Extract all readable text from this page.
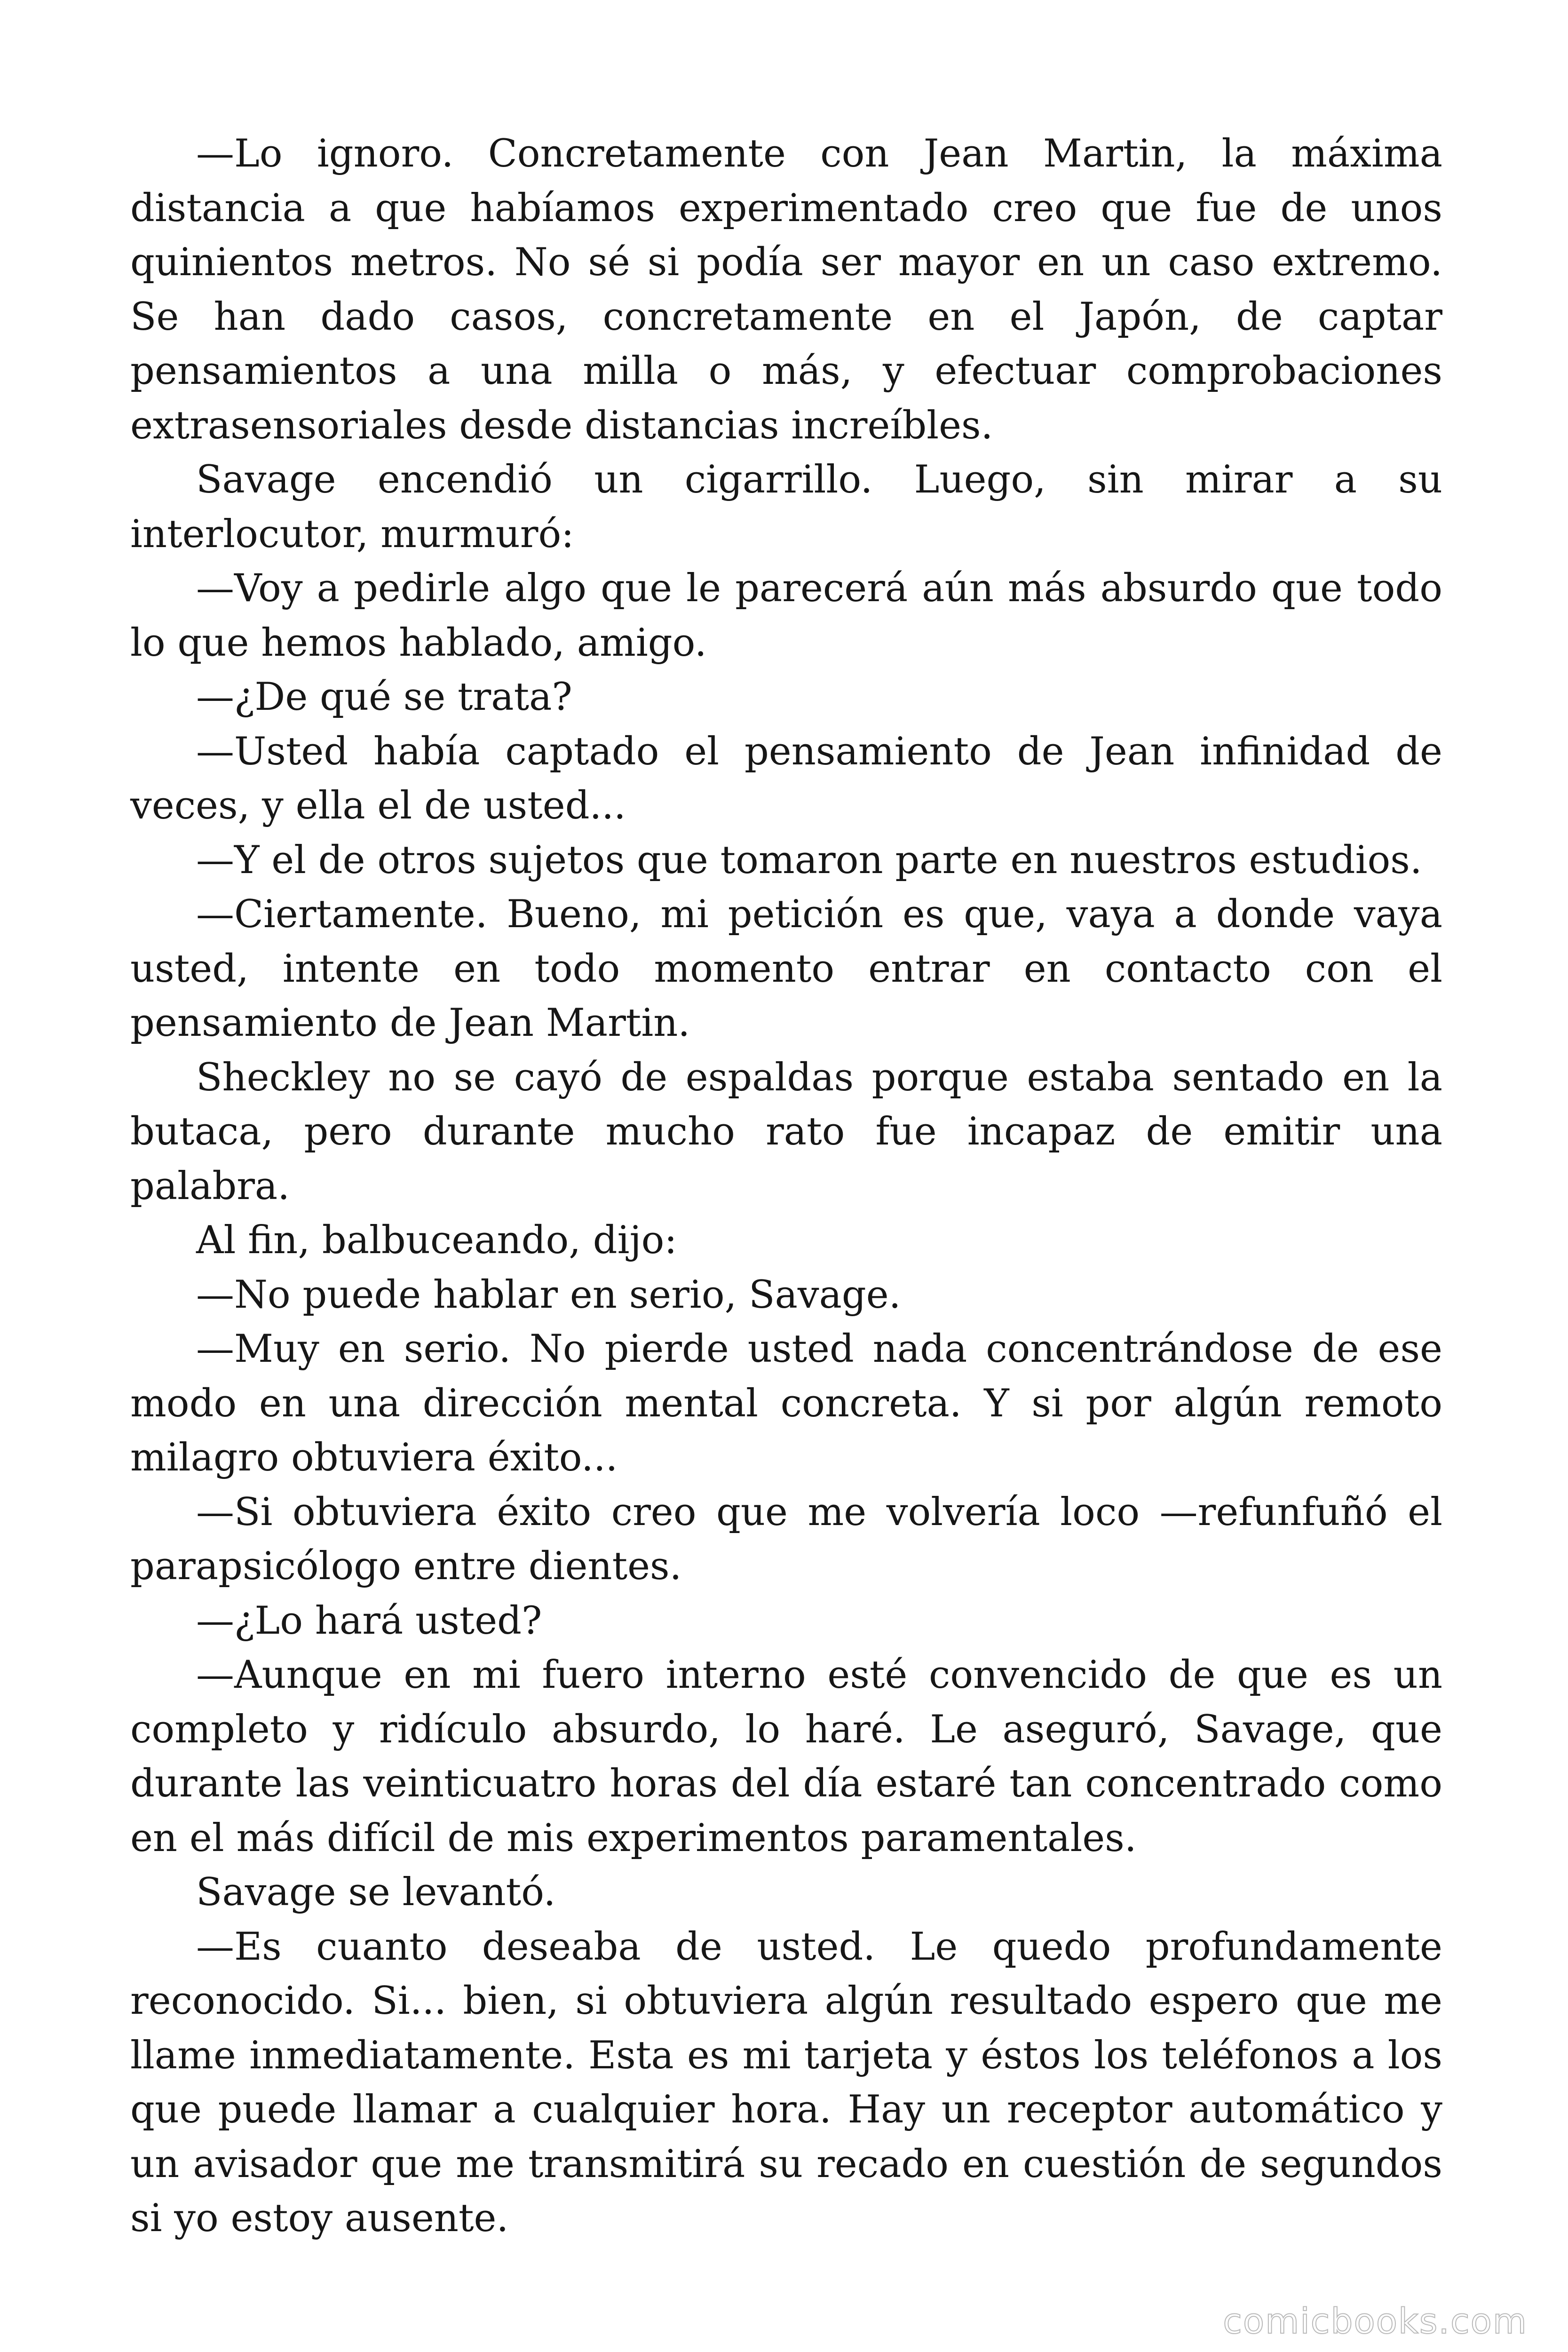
—Lo ignoro. Concretamente con Jean Martin, la máxima distancia a que habíamos experimentado creo que fue de unos quinientos metros. No sé si podía ser mayor en un caso extremo. Se han dado casos, concretamente en el Japón, de captar pensamientos a una milla o más, y efectuar comprobaciones extrasensoriales desde distancias increíbles.

Savage encendió un cigarrillo. Luego, sin mirar a su interlocutor, murmuró:

—Voy a pedirle algo que le parecerá aún más absurdo que todo lo que hemos hablado, amigo.

—¿De qué se trata?

—Usted había captado el pensamiento de Jean infinidad de veces, y ella el de usted...

—Y el de otros sujetos que tomaron parte en nuestros estudios.

—Ciertamente. Bueno, mi petición es que, vaya a donde vaya usted, intente en todo momento entrar en contacto con el pensamiento de Jean Martin.

Sheckley no se cayó de espaldas porque estaba sentado en la butaca, pero durante mucho rato fue incapaz de emitir una palabra.

Al fin, balbuceando, dijo:

—No puede hablar en serio, Savage.

—Muy en serio. No pierde usted nada concentrándose de ese modo en una dirección mental concreta. Y si por algún remoto milagro obtuviera éxito...

—Si obtuviera éxito creo que me volvería loco —refunfuñó el parapsicólogo entre dientes.

—¿Lo hará usted?

—Aunque en mi fuero interno esté convencido de que es un completo y ridículo absurdo, lo haré. Le aseguró, Savage, que durante las veinticuatro horas del día estaré tan concentrado como en el más difícil de mis experimentos paramentales.

Savage se levantó.

—Es cuanto deseaba de usted. Le quedo profundamente reconocido. Si... bien, si obtuviera algún resultado espero que me llame inmediatamente. Esta es mi tarjeta y éstos los teléfonos a los que puede llamar a cualquier hora. Hay un receptor automático y un avisador que me transmitirá su recado en cuestión de segundos si yo estoy ausente.

comicbooks.com
